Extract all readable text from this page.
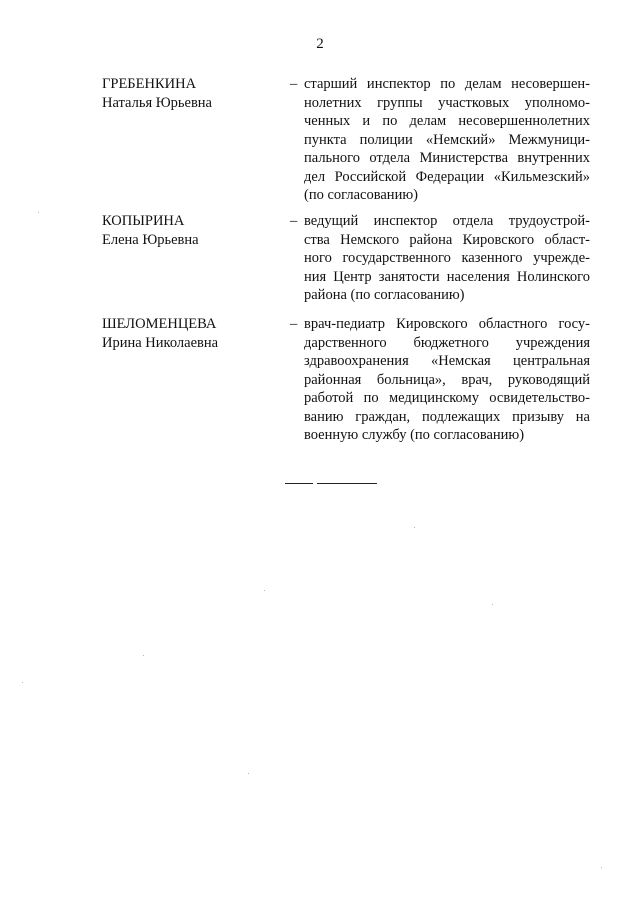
2
ГРЕБЕНКИНА
Наталья Юрьевна
– старший инспектор по делам несовершен-
нолетних группы участковых уполномо-
ченных и по делам несовершеннолетних
пункта полиции «Немский» Межмуници-
пального отдела Министерства внутренних
дел Российской Федерации «Кильмезский»
(по согласованию)
КОПЫРИНА
Елена Юрьевна
– ведущий инспектор отдела трудоустрой-
ства Немского района Кировского област-
ного государственного казенного учрежде-
ния Центр занятости населения Нолинского
района (по согласованию)
ШЕЛОМЕНЦЕВА
Ирина Николаевна
– врач-педиатр Кировского областного госу-
дарственного бюджетного учреждения
здравоохранения «Немская центральная
районная больница», врач, руководящий
работой по медицинскому освидетельство-
ванию граждан, подлежащих призыву на
военную службу (по согласованию)
